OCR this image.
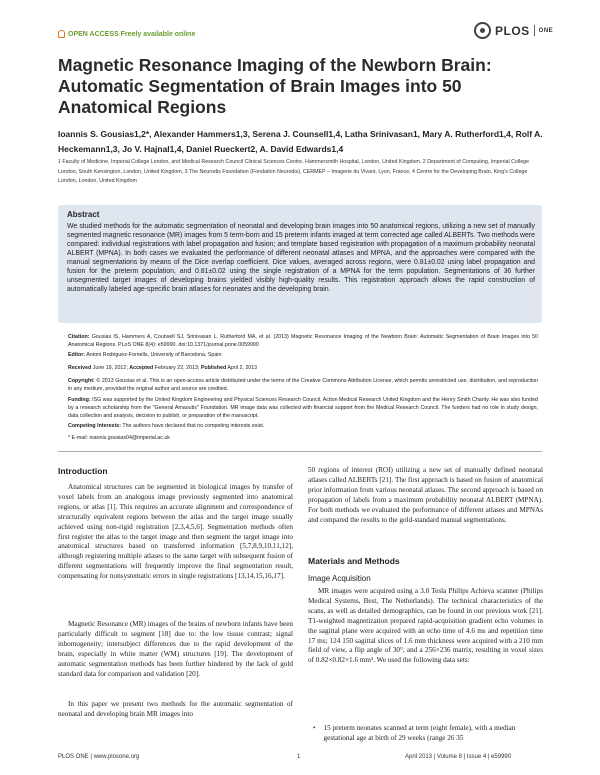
OPEN ACCESS Freely available online	PLOS ONE
Magnetic Resonance Imaging of the Newborn Brain: Automatic Segmentation of Brain Images into 50 Anatomical Regions
Ioannis S. Gousias1,2*, Alexander Hammers1,3, Serena J. Counsell1,4, Latha Srinivasan1, Mary A. Rutherford1,4, Rolf A. Heckemann1,3, Jo V. Hajnal1,4, Daniel Rueckert2, A. David Edwards1,4
1 Faculty of Medicine, Imperial College London, and Medical Research Council Clinical Sciences Centre, Hammersmith Hospital, London, United Kingdom, 2 Department of Computing, Imperial College London, South Kensington, London, United Kingdom, 3 The Neurodis Foundation (Fondation Neurodis), CERMEP – Imagerie du Vivant, Lyon, France, 4 Centre for the Developing Brain, King's College London, London, United Kingdom
Abstract
We studied methods for the automatic segmentation of neonatal and developing brain images into 50 anatomical regions, utilizing a new set of manually segmented magnetic resonance (MR) images from 5 term-born and 15 preterm infants imaged at term corrected age called ALBERTs. Two methods were compared: individual registrations with label propagation and fusion; and template based registration with propagation of a maximum probability neonatal ALBERT (MPNA). In both cases we evaluated the performance of different neonatal atlases and MPNA, and the approaches were compared with the manual segmentations by means of the Dice overlap coefficient. Dice values, averaged across regions, were 0.81±0.02 using label propagation and fusion for the preterm population, and 0.81±0.02 using the single registration of a MPNA for the term population. Segmentations of 36 further unsegmented target images of developing brains yielded visibly high-quality results. This registration approach allows the rapid construction of automatically labeled age-specific brain atlases for neonates and the developing brain.
Citation: Gousias IS, Hammers A, Counsell SJ, Srinivasan L, Rutherford MA, et al. (2013) Magnetic Resonance Imaging of the Newborn Brain: Automatic Segmentation of Brain Images into 50 Anatomical Regions. PLoS ONE 8(4): e59990. doi:10.1371/journal.pone.0059990
Editor: Antoni Rodriguez-Fornells, University of Barcelona, Spain
Received June 19, 2012; Accepted February 22, 2013; Published April 2, 2013
Copyright: © 2013 Gousias et al. This is an open-access article distributed under the terms of the Creative Commons Attribution License, which permits unrestricted use, distribution, and reproduction in any medium, provided the original author and source are credited.
Funding: ISG was supported by the United Kingdom Engineering and Physical Sciences Research Council, Action Medical Research United Kingdom and the Henry Smith Charity. He was also funded by a research scholarship from the "General Amaoutis" Foundation. MR image data was collected with financial support from the Medical Research Council. The funders had no role in study design, data collection and analysis, decision to publish, or preparation of the manuscript.
Competing Interests: The authors have declared that no competing interests exist.
* E-mail: ioannis.gousias04@imperial.ac.uk
Introduction
Anatomical structures can be segmented in biological images by transfer of voxel labels from an analogous image previously segmented into anatomical regions, or atlas [1]. This requires an accurate alignment and correspondence of structurally equivalent regions between the atlas and the target image usually achieved using non-rigid registration [2,3,4,5,6]. Segmentation methods often first register the atlas to the target image and then segment the target image into anatomical structures based on transferred information [5,7,8,9,10,11,12], although registering multiple atlases to the same target with subsequent fusion of different segmentations will frequently improve the final segmentation result, compensating for nonsystematic errors in single registrations [13,14,15,16,17].
Magnetic Resonance (MR) images of the brains of newborn infants have been particularly difficult to segment [18] due to: the low tissue contrast; signal inhomogeneity; intersubject differences due to the rapid development of the brain, especially in white matter (WM) structures [19]. The development of automatic segmentation methods has been further hindered by the lack of gold standard data for comparison and validation [20].
In this paper we present two methods for the automatic segmentation of neonatal and developing brain MR images into
50 regions of interest (ROI) utilizing a new set of manually defined neonatal atlases called ALBERTs [21]. The first approach is based on fusion of anatomical prior information from various neonatal atlases. The second approach is based on propagation of labels from a maximum probability neonatal ALBERT (MPNA). For both methods we evaluated the performance of different atlases and MPNAs and compared the results to the gold-standard manual segmentations.
Materials and Methods
Image Acquisition
MR images were acquired using a 3.0 Tesla Philips Achieva scanner (Philips Medical Systems, Best, The Netherlands). The technical characteristics of the scans, as well as detailed demographics, can be found in our previous work [21]. T1-weighted magnetization prepared rapid-acquisition gradient echo volumes in the sagittal plane were acquired with an echo time of 4.6 ms and repetition time 17 ms; 124 150 sagittal slices of 1.6 mm thickness were acquired with a 210 mm field of view, a flip angle of 30°, and a 256×236 matrix, resulting in voxel sizes of 0.82×0.82×1.6 mm³. We used the following data sets:
• 15 preterm neonates scanned at term (eight female), with a median gestational age at birth of 29 weeks (range 26 35
PLOS ONE | www.plosone.org	1	April 2013 | Volume 8 | Issue 4 | e59990
